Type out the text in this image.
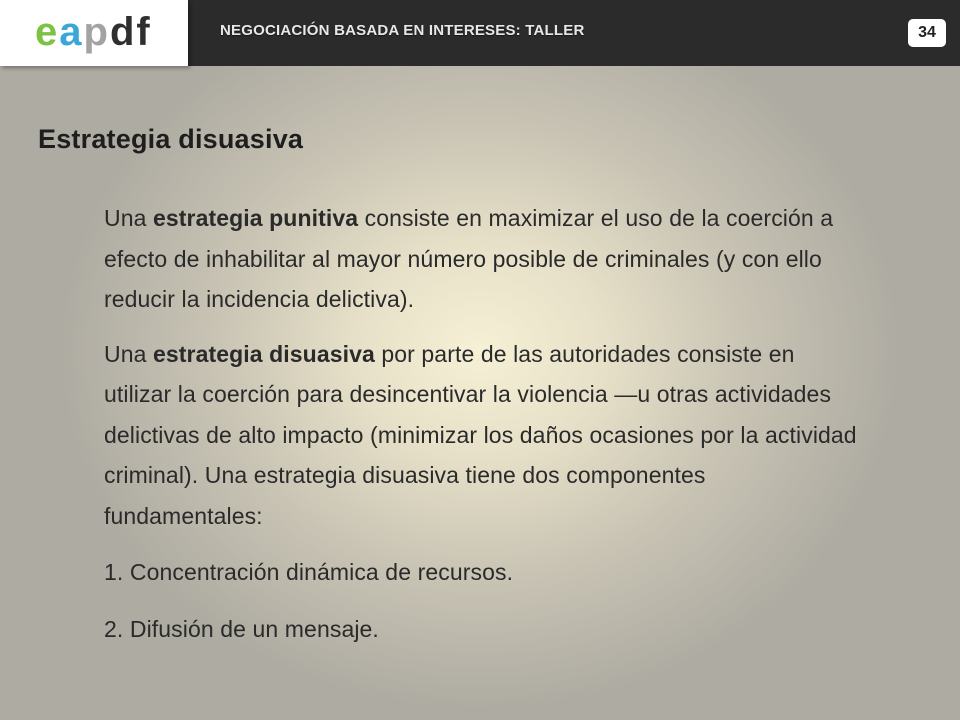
eapdf	NEGOCIACIÓN BASADA EN INTERESES: TALLER	34
Estrategia disuasiva

Una estrategia punitiva consiste en maximizar el uso de la coerción a efecto de inhabilitar al mayor número posible de criminales (y con ello reducir la incidencia delictiva).

Una estrategia disuasiva por parte de las autoridades consiste en utilizar la coerción para desincentivar la violencia —u otras actividades delictivas de alto impacto (minimizar los daños ocasiones por la actividad criminal). Una estrategia disuasiva tiene dos componentes fundamentales:

1. Concentración dinámica de recursos.

2. Difusión de un mensaje.
